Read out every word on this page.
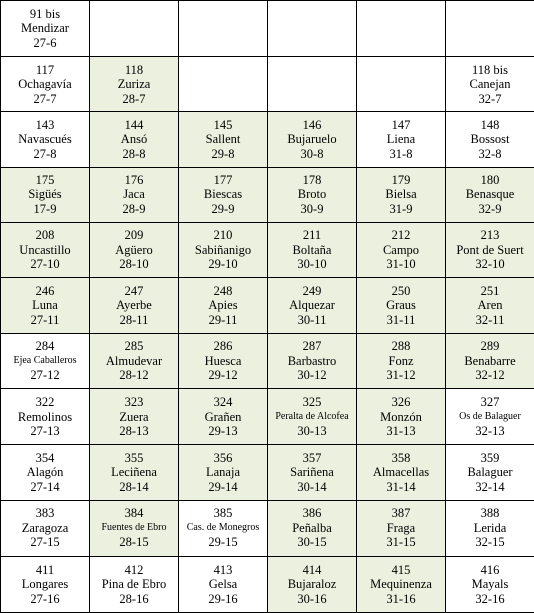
91 bis
Mendizar
27-6					

117
Ochagavía
27-7	118
Zuriza
28-7				118 bis
Canejan
32-7

143
Navascués
27-8	144
Ansó
28-8	145
Sallent
29-8	146
Bujaruelo
30-8	147
Liena
31-8	148
Bossost
32-8

175
Sigüés
17-9	176
Jaca
28-9	177
Biescas
29-9	178
Broto
30-9	179
Bielsa
31-9	180
Benasque
32-9

208
Uncastillo
27-10	209
Agüero
28-10	210
Sabiñanigo
29-10	211
Boltaña
30-10	212
Campo
31-10	213
Pont de Suert
32-10

246
Luna
27-11	247
Ayerbe
28-11	248
Apies
29-11	249
Alquezar
30-11	250
Graus
31-11	251
Aren
32-11

284
Ejea Caballeros
27-12	285
Almudevar
28-12	286
Huesca
29-12	287
Barbastro
30-12	288
Fonz
31-12	289
Benabarre
32-12

322
Remolinos
27-13	323
Zuera
28-13	324
Grañen
29-13	325
Peralta de Alcofea
30-13	326
Monzón
31-13	327
Os de Balaguer
32-13

354
Alagón
27-14	355
Leciñena
28-14	356
Lanaja
29-14	357
Sariñena
30-14	358
Almacellas
31-14	359
Balaguer
32-14

383
Zaragoza
27-15	384
Fuentes de Ebro
28-15	385
Cas. de Monegros
29-15	386
Peñalba
30-15	387
Fraga
31-15	388
Lerida
32-15

411
Longares
27-16	412
Pina de Ebro
28-16	413
Gelsa
29-16	414
Bujaraloz
30-16	415
Mequinenza
31-16	416
Mayals
32-16
